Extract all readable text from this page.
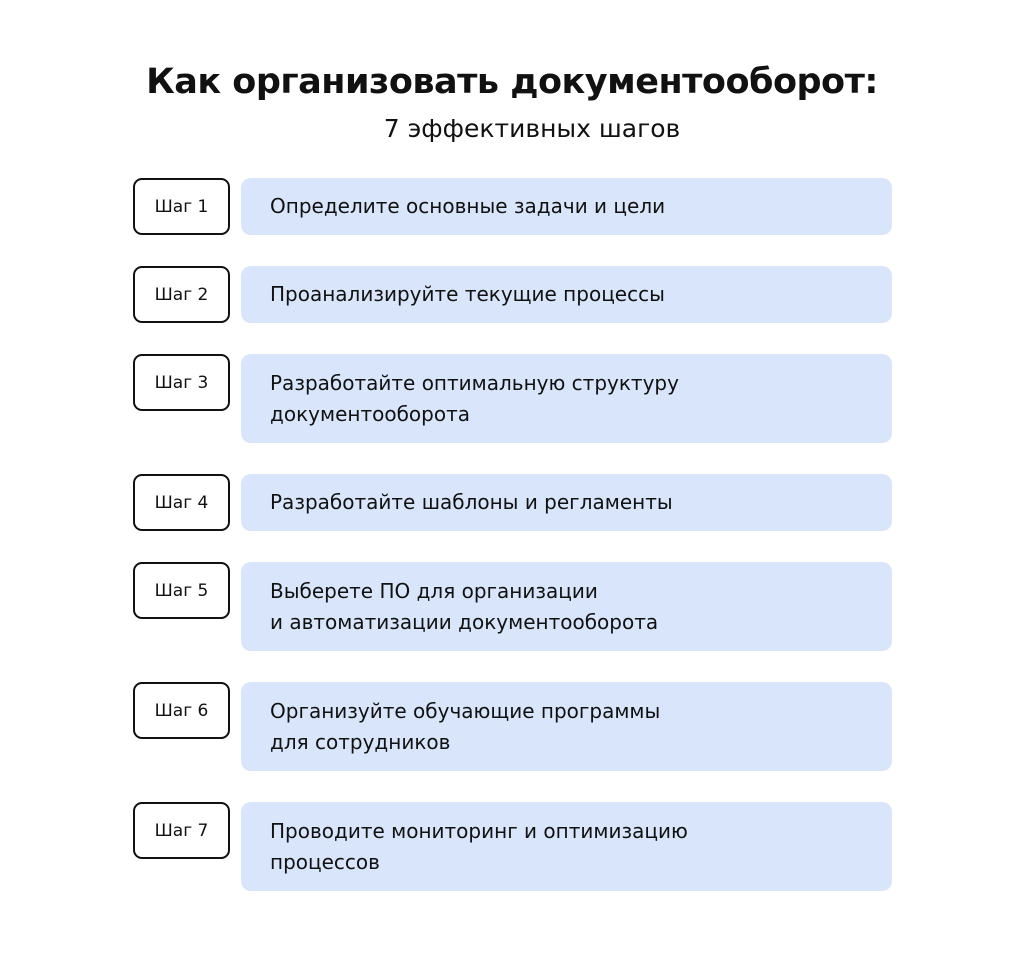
Как организовать документооборот:
7 эффективных шагов
Шаг 1	Определите основные задачи и цели
Шаг 2	Проанализируйте текущие процессы
Шаг 3	Разработайте оптимальную структуру
документооборота
Шаг 4	Разработайте шаблоны и регламенты
Шаг 5	Выберете ПО для организации
и автоматизации документооборота
Шаг 6	Организуйте обучающие программы
для сотрудников
Шаг 7	Проводите мониторинг и оптимизацию
процессов
